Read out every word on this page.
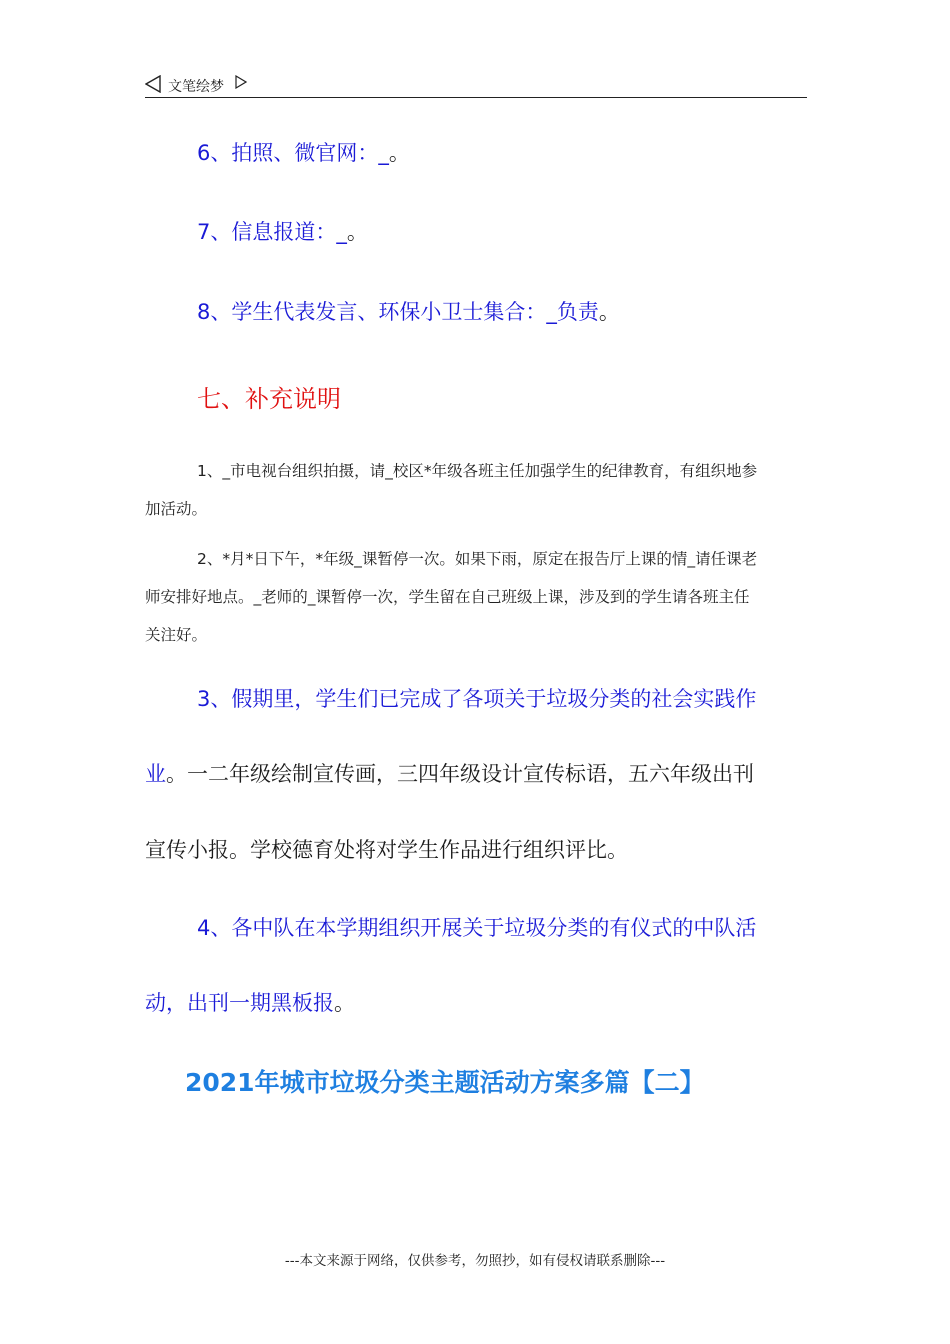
文笔绘梦
6、拍照、微官网：_。
7、信息报道：_。
8、学生代表发言、环保小卫士集合：_负责。
七、补充说明
1、_市电视台组织拍摄，请_校区*年级各班主任加强学生的纪律教育，有组织地参
加活动。
2、*月*日下午，*年级_课暂停一次。如果下雨，原定在报告厅上课的情_请任课老
师安排好地点。_老师的_课暂停一次，学生留在自己班级上课，涉及到的学生请各班主任
关注好。
3、假期里，学生们已完成了各项关于垃圾分类的社会实践作
业。一二年级绘制宣传画，三四年级设计宣传标语，五六年级出刊
宣传小报。学校德育处将对学生作品进行组织评比。
4、各中队在本学期组织开展关于垃圾分类的有仪式的中队活
动，出刊一期黑板报。
2021年城市垃圾分类主题活动方案多篇【二】
---本文来源于网络，仅供参考，勿照抄，如有侵权请联系删除---
